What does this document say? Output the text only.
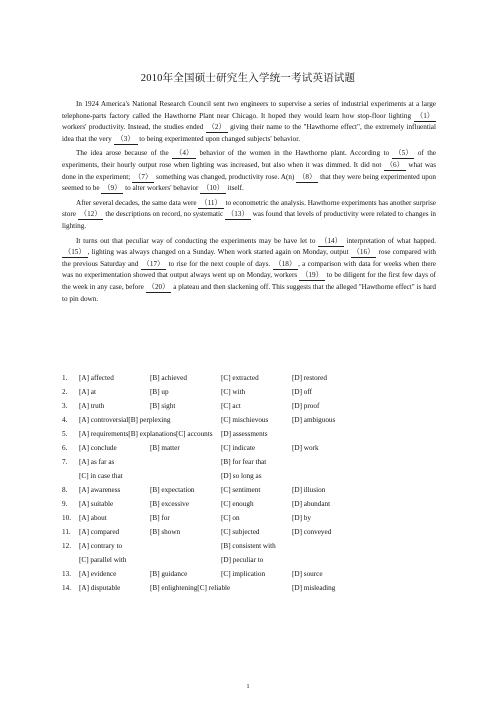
2010年全国硕士研究生入学统一考试英语试题

In 1924 America's National Research Council sent two engineers to supervise a series of industrial experiments at a large telephone-parts factory called the Hawthorne Plant near Chicago. It hoped they would learn how stop-floor lighting （1） workers' productivity. Instead, the studies ended （2） giving their name to the "Hawthorne effect", the extremely influential idea that the very （3） to being experimented upon changed subjects' behavior.

The idea arose because of the （4） behavior of the women in the Hawthorne plant. According to （5） of the experiments, their hourly output rose when lighting was increased, but also when it was dimmed. It did not （6） what was done in the experiment; （7） something was changed, productivity rose. A(n) （8） that they were being experimented upon seemed to be （9） to alter workers' behavior （10） itself.

After several decades, the same data were （11） to econometric the analysis. Hawthorne experiments has another surprise store （12） the descriptions on record, no systematic （13） was found that levels of productivity were related to changes in lighting.

It turns out that peculiar way of conducting the experiments may be have let to （14） interpretation of what happed. （15） , lighting was always changed on a Sunday. When work started again on Monday, output （16） rose compared with the previous Saturday and （17） to rise for the next couple of days. （18） , a comparison with data for weeks when there was no experimentation showed that output always went up on Monday, workers （19） to be diligent for the first few days of the week in any case, before （20） a plateau and then slackening off. This suggests that the alleged "Hawthorne effect" is hard to pin down.

1.	[A] affected	[B] achieved	[C] extracted	[D] restored
2.	[A] at	[B] up	[C] with	[D] off
3.	[A] truth	[B] sight	[C] act	[D] proof
4.	[A] controversial[B] perplexing	[C] mischievous	[D] ambiguous
5.	[A] requirements[B] explanations[C] accounts	[D] assessments
6.	[A] conclude	[B] matter	[C] indicate	[D] work
7.	[A] as far as	[B] for fear that
[C] in case that	[D] so long as
8.	[A] awareness	[B] expectation	[C] sentiment	[D] illusion
9.	[A] suitable	[B] excessive	[C] enough	[D] abundant
10.	[A] about	[B] for	[C] on	[D] by
11.	[A] compared	[B] shown	[C] subjected	[D] conveyed
12.	[A] contrary to	[B] consistent with
[C] parallel with	[D] peculiar to
13.	[A] evidence	[B] guidance	[C] implication	[D] source
14.	[A] disputable	[B] enlightening[C] reliable	[D] misleading
1
